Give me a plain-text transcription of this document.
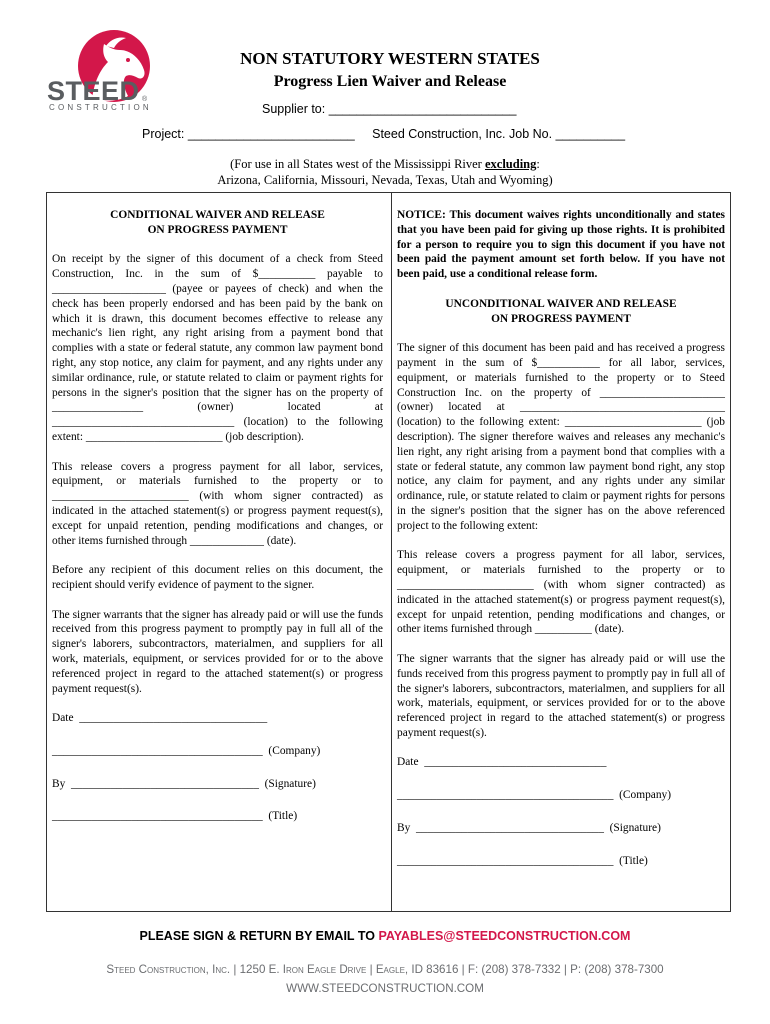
STEED ®
CONSTRUCTION
NON STATUTORY WESTERN STATES
Progress Lien Waiver and Release
Supplier to: ___________________________
Project: ________________________ Steed Construction, Inc. Job No. __________
(For use in all States west of the Mississippi River excluding:
Arizona, California, Missouri, Nevada, Texas, Utah and Wyoming)

CONDITIONAL WAIVER AND RELEASE
ON PROGRESS PAYMENT

On receipt by the signer of this document of a check from Steed Construction, Inc. in the sum of $__________ payable to ____________________ (payee or payees of check) and when the check has been properly endorsed and has been paid by the bank on which it is drawn, this document becomes effective to release any mechanic's lien right, any right arising from a payment bond that complies with a state or federal statute, any common law payment bond right, any stop notice, any claim for payment, and any rights under any similar ordinance, rule, or statute related to claim or payment rights for persons in the signer's position that the signer has on the property of ________________ (owner) located at ________________________________ (location) to the following extent: ________________________ (job description).

This release covers a progress payment for all labor, services, equipment, or materials furnished to the property or to ________________________ (with whom signer contracted) as indicated in the attached statement(s) or progress payment request(s), except for unpaid retention, pending modifications and changes, or other items furnished through _____________ (date).

Before any recipient of this document relies on this document, the recipient should verify evidence of payment to the signer.

The signer warrants that the signer has already paid or will use the funds received from this progress payment to promptly pay in full all of the signer's laborers, subcontractors, materialmen, and suppliers for all work, materials, equipment, or services provided for or to the above referenced project in regard to the attached statement(s) or progress payment request(s).

Date  _________________________________

_____________________________________  (Company)

By  _________________________________  (Signature)

_____________________________________  (Title)

NOTICE: This document waives rights unconditionally and states that you have been paid for giving up those rights. It is prohibited for a person to require you to sign this document if you have not been paid the payment amount set forth below. If you have not been paid, use a conditional release form.

UNCONDITIONAL WAIVER AND RELEASE
ON PROGRESS PAYMENT

The signer of this document has been paid and has received a progress payment in the sum of $___________ for all labor, services, equipment, or materials furnished to the property or to Steed Construction Inc. on the property of ______________________ (owner) located at ____________________________________ (location) to the following extent: ________________________ (job description). The signer therefore waives and releases any mechanic's lien right, any right arising from a payment bond that complies with a state or federal statute, any common law payment bond right, any stop notice, any claim for payment, and any rights under any similar ordinance, rule, or statute related to claim or payment rights for persons in the signer's position that the signer has on the above referenced project to the following extent:

This release covers a progress payment for all labor, services, equipment, or materials furnished to the property or to ________________________ (with whom signer contracted) as indicated in the attached statement(s) or progress payment request(s), except for unpaid retention, pending modifications and changes, or other items furnished through __________ (date).

The signer warrants that the signer has already paid or will use the funds received from this progress payment to promptly pay in full all of the signer's laborers, subcontractors, materialmen, and suppliers for all work, materials, equipment, or services provided for or to the above referenced project in regard to the attached statement(s) or progress payment request(s).

Date  ________________________________

______________________________________  (Company)

By  _________________________________  (Signature)

______________________________________  (Title)

PLEASE SIGN & RETURN BY EMAIL TO PAYABLES@STEEDCONSTRUCTION.COM
Steed Construction, Inc. | 1250 E. Iron Eagle Drive | Eagle, ID 83616 | F: (208) 378-7332 | P: (208) 378-7300
WWW.STEEDCONSTRUCTION.COM
